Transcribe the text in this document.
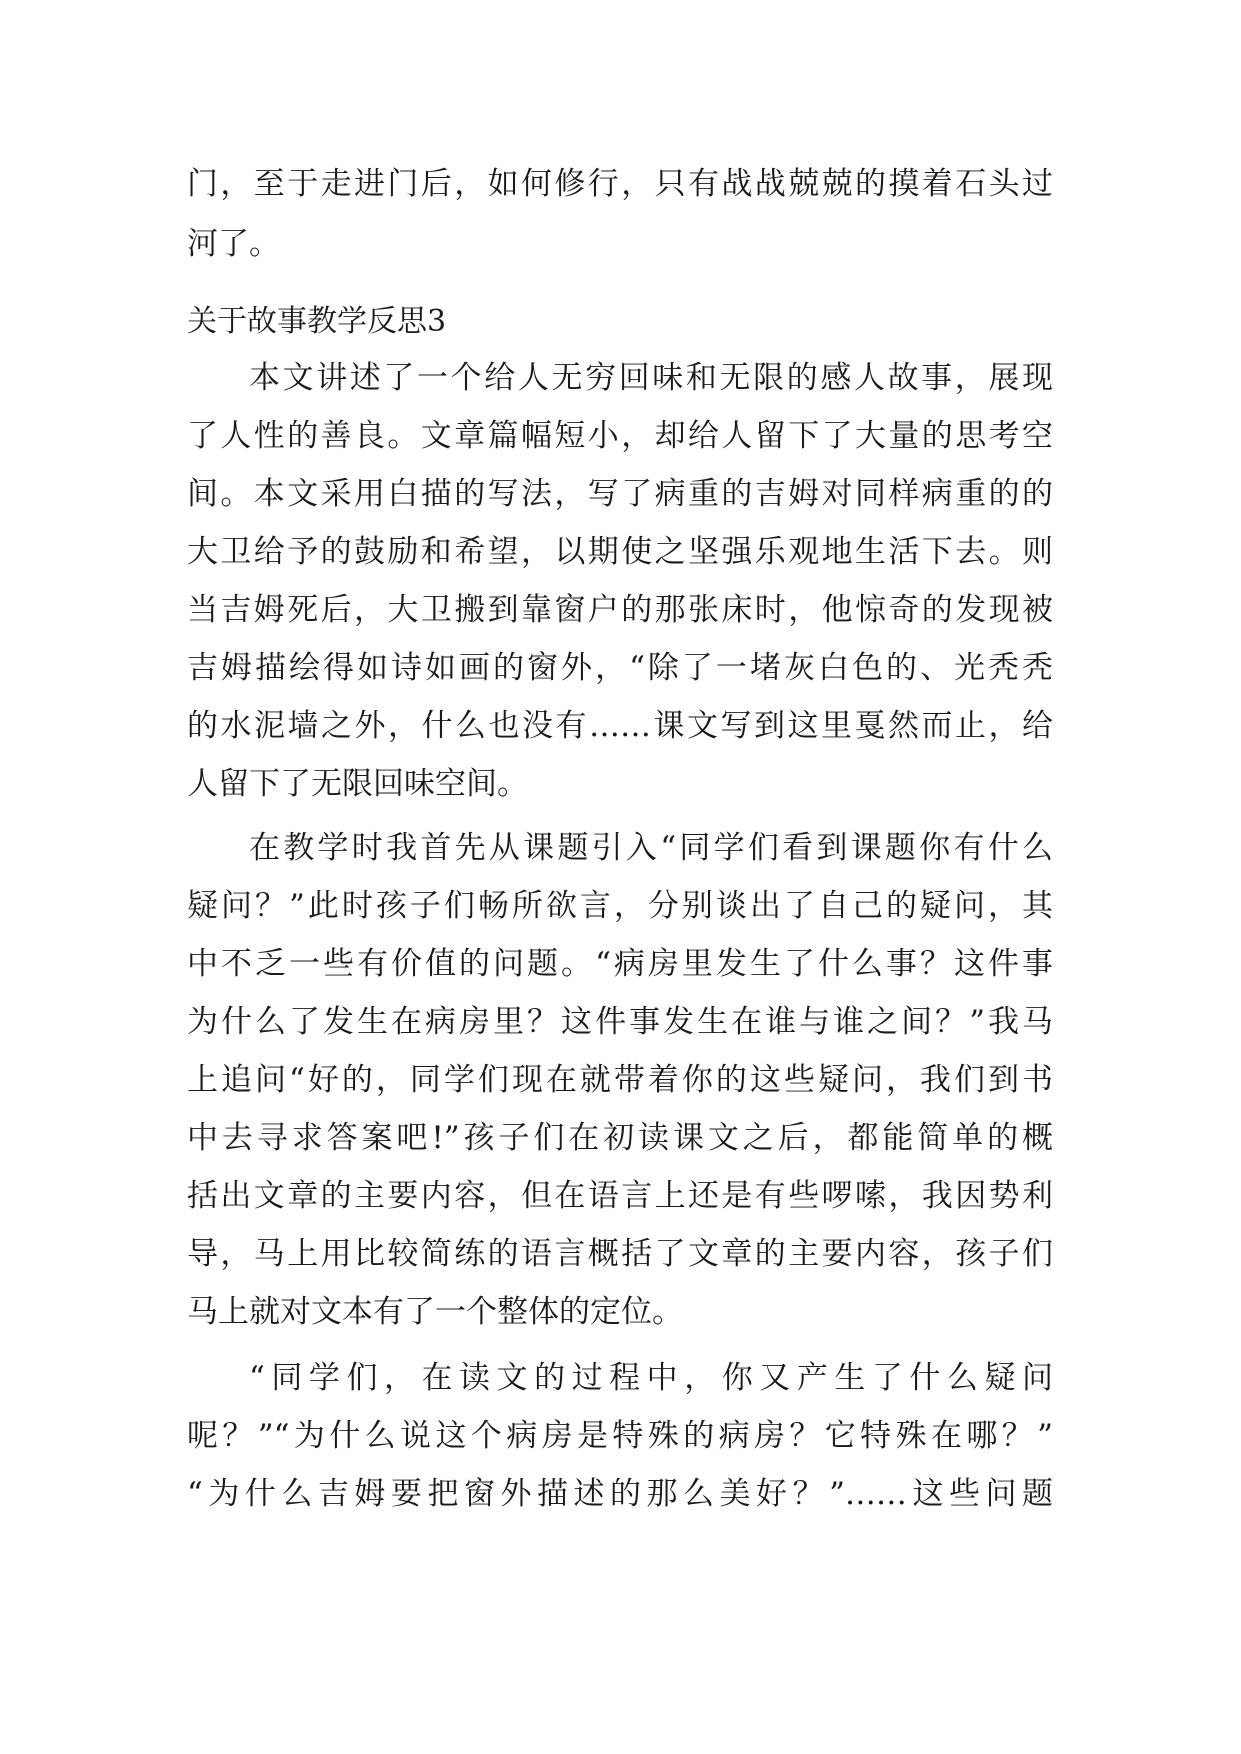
门，至于走进门后，如何修行，只有战战兢兢的摸着石头过
河了。
关于故事教学反思3
本文讲述了一个给人无穷回味和无限的感人故事，展现
了人性的善良。文章篇幅短小，却给人留下了大量的思考空
间。本文采用白描的写法，写了病重的吉姆对同样病重的的
大卫给予的鼓励和希望，以期使之坚强乐观地生活下去。则
当吉姆死后，大卫搬到靠窗户的那张床时，他惊奇的发现被
吉姆描绘得如诗如画的窗外，“除了一堵灰白色的、光秃秃
的水泥墙之外，什么也没有……课文写到这里戛然而止，给
人留下了无限回味空间。
在教学时我首先从课题引入“同学们看到课题你有什么
疑问？”此时孩子们畅所欲言，分别谈出了自己的疑问，其
中不乏一些有价值的问题。“病房里发生了什么事？这件事
为什么了发生在病房里？这件事发生在谁与谁之间？”我马
上追问“好的，同学们现在就带着你的这些疑问，我们到书
中去寻求答案吧!”孩子们在初读课文之后，都能简单的概
括出文章的主要内容，但在语言上还是有些啰嗦，我因势利
导，马上用比较简练的语言概括了文章的主要内容，孩子们
马上就对文本有了一个整体的定位。
“同学们，在读文的过程中，你又产生了什么疑问
呢？”“为什么说这个病房是特殊的病房？它特殊在哪？”
“为什么吉姆要把窗外描述的那么美好？”……这些问题
